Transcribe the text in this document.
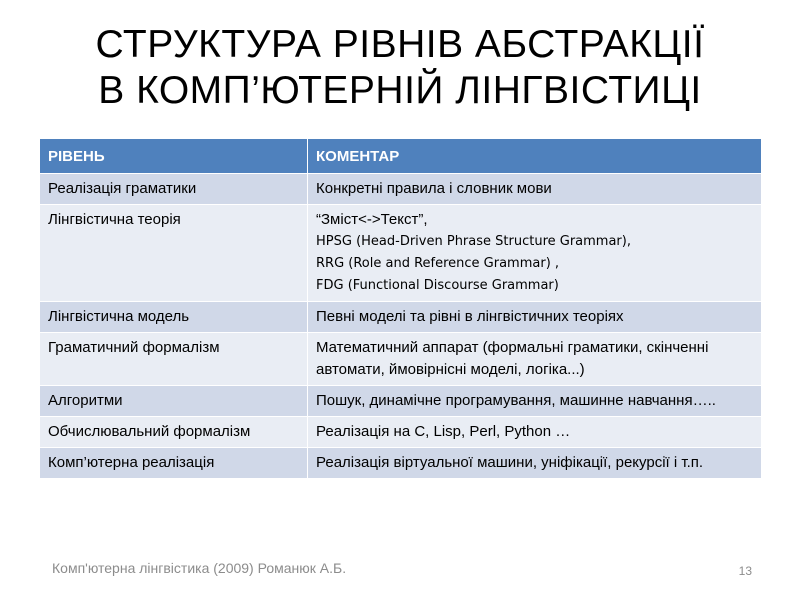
СТРУКТУРА РІВНІВ АБСТРАКЦІЇ
В КОМП’ЮТЕРНІЙ ЛІНГВІСТИЦІ
РІВЕНЬ	КОМЕНТАР
Реалізація граматики	Конкретні правила і словник мови

Лінгвістична теорія	“Зміст<->Текст”,
HPSG (Head-Driven Phrase Structure Grammar),
RRG (Role and Reference Grammar) ,
FDG (Functional Discourse Grammar)

Лінгвістична модель	Певні моделі та рівні в лінгвістичних теоріях

Граматичний формалізм	Математичний аппарат (формальні граматики, скінченні автомати, ймовірнісні моделі, логіка...)

Алгоритми	Пошук, динамічне програмування, машинне навчання…..

Обчислювальний формалізм	Реалізація на С, Lisp, Perl, Python …

Комп’ютерна реалізація	Реалізація віртуальної машини, уніфікації, рекурсії і т.п.
Комп'ютерна лінгвістика (2009) Романюк А.Б.	13
